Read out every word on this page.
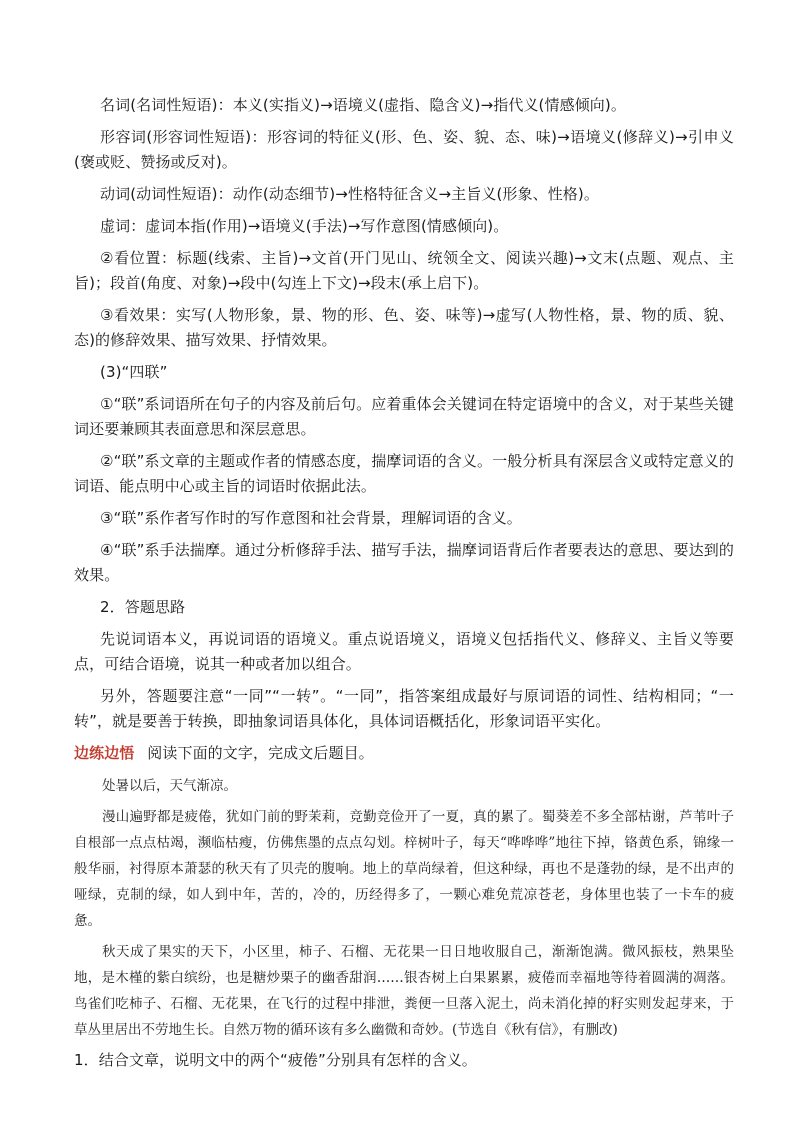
名词(名词性短语)：本义(实指义)→语境义(虚指、隐含义)→指代义(情感倾向)。

形容词(形容词性短语)：形容词的特征义(形、色、姿、貌、态、味)→语境义(修辞义)→引申义(褒或贬、赞扬或反对)。

动词(动词性短语)：动作(动态细节)→性格特征含义→主旨义(形象、性格)。

虚词：虚词本指(作用)→语境义(手法)→写作意图(情感倾向)。

②看位置：标题(线索、主旨)→文首(开门见山、统领全文、阅读兴趣)→文末(点题、观点、主旨)；段首(角度、对象)→段中(勾连上下文)→段末(承上启下)。

③看效果：实写(人物形象，景、物的形、色、姿、味等)→虚写(人物性格，景、物的质、貌、态)的修辞效果、描写效果、抒情效果。

(3)“四联”

①“联”系词语所在句子的内容及前后句。应着重体会关键词在特定语境中的含义，对于某些关键词还要兼顾其表面意思和深层意思。

②“联”系文章的主题或作者的情感态度，揣摩词语的含义。一般分析具有深层含义或特定意义的词语、能点明中心或主旨的词语时依据此法。

③“联”系作者写作时的写作意图和社会背景，理解词语的含义。

④“联”系手法揣摩。通过分析修辞手法、描写手法，揣摩词语背后作者要表达的意思、要达到的效果。

2．答题思路

先说词语本义，再说词语的语境义。重点说语境义，语境义包括指代义、修辞义、主旨义等要点，可结合语境，说其一种或者加以组合。

另外，答题要注意“一同”“一转”。“一同”，指答案组成最好与原词语的词性、结构相同；“一转”，就是要善于转换，即抽象词语具体化，具体词语概括化，形象词语平实化。

边练边悟 阅读下面的文字，完成文后题目。

处暑以后，天气渐凉。

漫山遍野都是疲倦，犹如门前的野茉莉，竞勤竞俭开了一夏，真的累了。蜀葵差不多全部枯谢，芦苇叶子自根部一点点枯竭，濒临枯瘦，仿佛焦墨的点点勾划。梓树叶子，每天“哗哗哗”地往下掉，铬黄色系，锦缘一般华丽，衬得原本萧瑟的秋天有了贝壳的腹响。地上的草尚绿着，但这种绿，再也不是蓬勃的绿，是不出声的哑绿，克制的绿，如人到中年，苦的，冷的，历经得多了，一颗心难免荒凉苍老，身体里也装了一卡车的疲惫。

秋天成了果实的天下，小区里，柿子、石榴、无花果一日日地收服自己，渐渐饱满。微风振枝，熟果坠地，是木槿的紫白缤纷，也是糖炒栗子的幽香甜润……银杏树上白果累累，疲倦而幸福地等待着圆满的凋落。鸟雀们吃柿子、石榴、无花果，在飞行的过程中排泄，粪便一旦落入泥土，尚未消化掉的籽实则发起芽来，于草丛里居出不劳地生长。自然万物的循环该有多么幽微和奇妙。(节选自《秋有信》，有删改)

1．结合文章，说明文中的两个“疲倦”分别具有怎样的含义。
